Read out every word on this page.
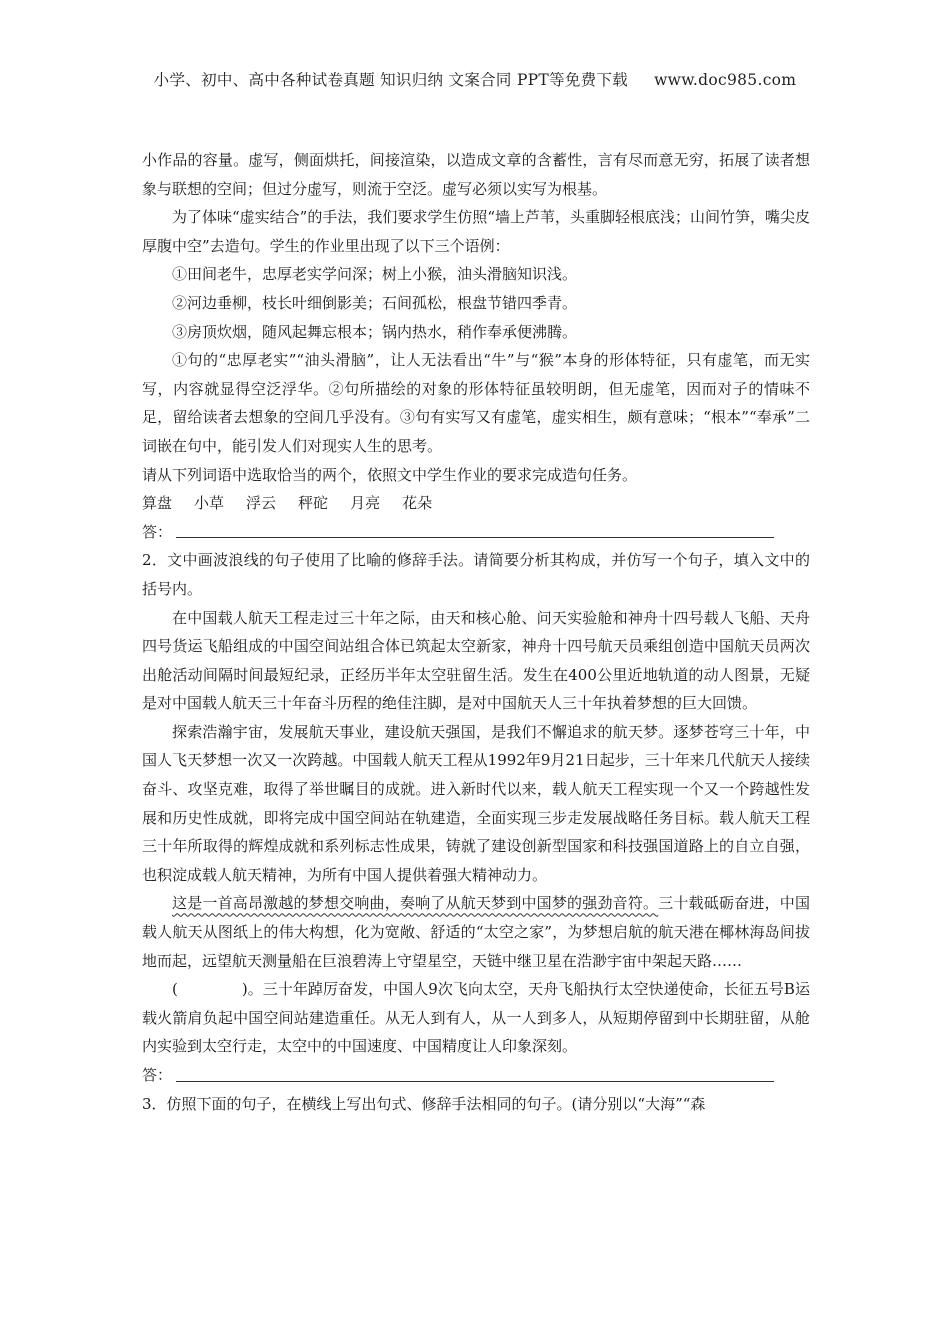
小学、初中、高中各种试卷真题 知识归纳 文案合同 PPT等免费下载 www.doc985.com

小作品的容量。虚写，侧面烘托，间接渲染，以造成文章的含蓄性，言有尽而意无穷，拓展了读者想象与联想的空间；但过分虚写，则流于空泛。虚写必须以实写为根基。

为了体味“虚实结合”的手法，我们要求学生仿照“墙上芦苇，头重脚轻根底浅；山间竹笋，嘴尖皮厚腹中空”去造句。学生的作业里出现了以下三个语例：

①田间老牛，忠厚老实学问深；树上小猴，油头滑脑知识浅。

②河边垂柳，枝长叶细倒影美；石间孤松，根盘节错四季青。

③房顶炊烟，随风起舞忘根本；锅内热水，稍作奉承便沸腾。

①句的“忠厚老实”“油头滑脑”，让人无法看出“牛”与“猴”本身的形体特征，只有虚笔，而无实写，内容就显得空泛浮华。②句所描绘的对象的形体特征虽较明朗，但无虚笔，因而对子的情味不足，留给读者去想象的空间几乎没有。③句有实写又有虚笔，虚实相生，颇有意味；“根本”“奉承”二词嵌在句中，能引发人们对现实人生的思考。

请从下列词语中选取恰当的两个，依照文中学生作业的要求完成造句任务。

算盘 小草 浮云 秤砣 月亮 花朵

答：

2．文中画波浪线的句子使用了比喻的修辞手法。请简要分析其构成，并仿写一个句子，填入文中的括号内。

在中国载人航天工程走过三十年之际，由天和核心舱、问天实验舱和神舟十四号载人飞船、天舟四号货运飞船组成的中国空间站组合体已筑起太空新家，神舟十四号航天员乘组创造中国航天员两次出舱活动间隔时间最短纪录，正经历半年太空驻留生活。发生在400公里近地轨道的动人图景，无疑是对中国载人航天三十年奋斗历程的绝佳注脚，是对中国航天人三十年执着梦想的巨大回馈。

探索浩瀚宇宙，发展航天事业，建设航天强国，是我们不懈追求的航天梦。逐梦苍穹三十年，中国人飞天梦想一次又一次跨越。中国载人航天工程从1992年9月21日起步，三十年来几代航天人接续奋斗、攻坚克难，取得了举世瞩目的成就。进入新时代以来，载人航天工程实现一个又一个跨越性发展和历史性成就，即将完成中国空间站在轨建造，全面实现三步走发展战略任务目标。载人航天工程三十年所取得的辉煌成就和系列标志性成果，铸就了建设创新型国家和科技强国道路上的自立自强，也积淀成载人航天精神，为所有中国人提供着强大精神动力。

这是一首高昂激越的梦想交响曲，奏响了从航天梦到中国梦的强劲音符。三十载砥砺奋进，中国载人航天从图纸上的伟大构想，化为宽敞、舒适的“太空之家”，为梦想启航的航天港在椰林海岛间拔地而起，远望航天测量船在巨浪碧涛上守望星空，天链中继卫星在浩渺宇宙中架起天路……

(	)。三十年踔厉奋发，中国人9次飞向太空，天舟飞船执行太空快递使命，长征五号B运载火箭肩负起中国空间站建造重任。从无人到有人，从一人到多人，从短期停留到中长期驻留，从舱内实验到太空行走，太空中的中国速度、中国精度让人印象深刻。

答：

3．仿照下面的句子，在横线上写出句式、修辞手法相同的句子。(请分别以“大海”“森
